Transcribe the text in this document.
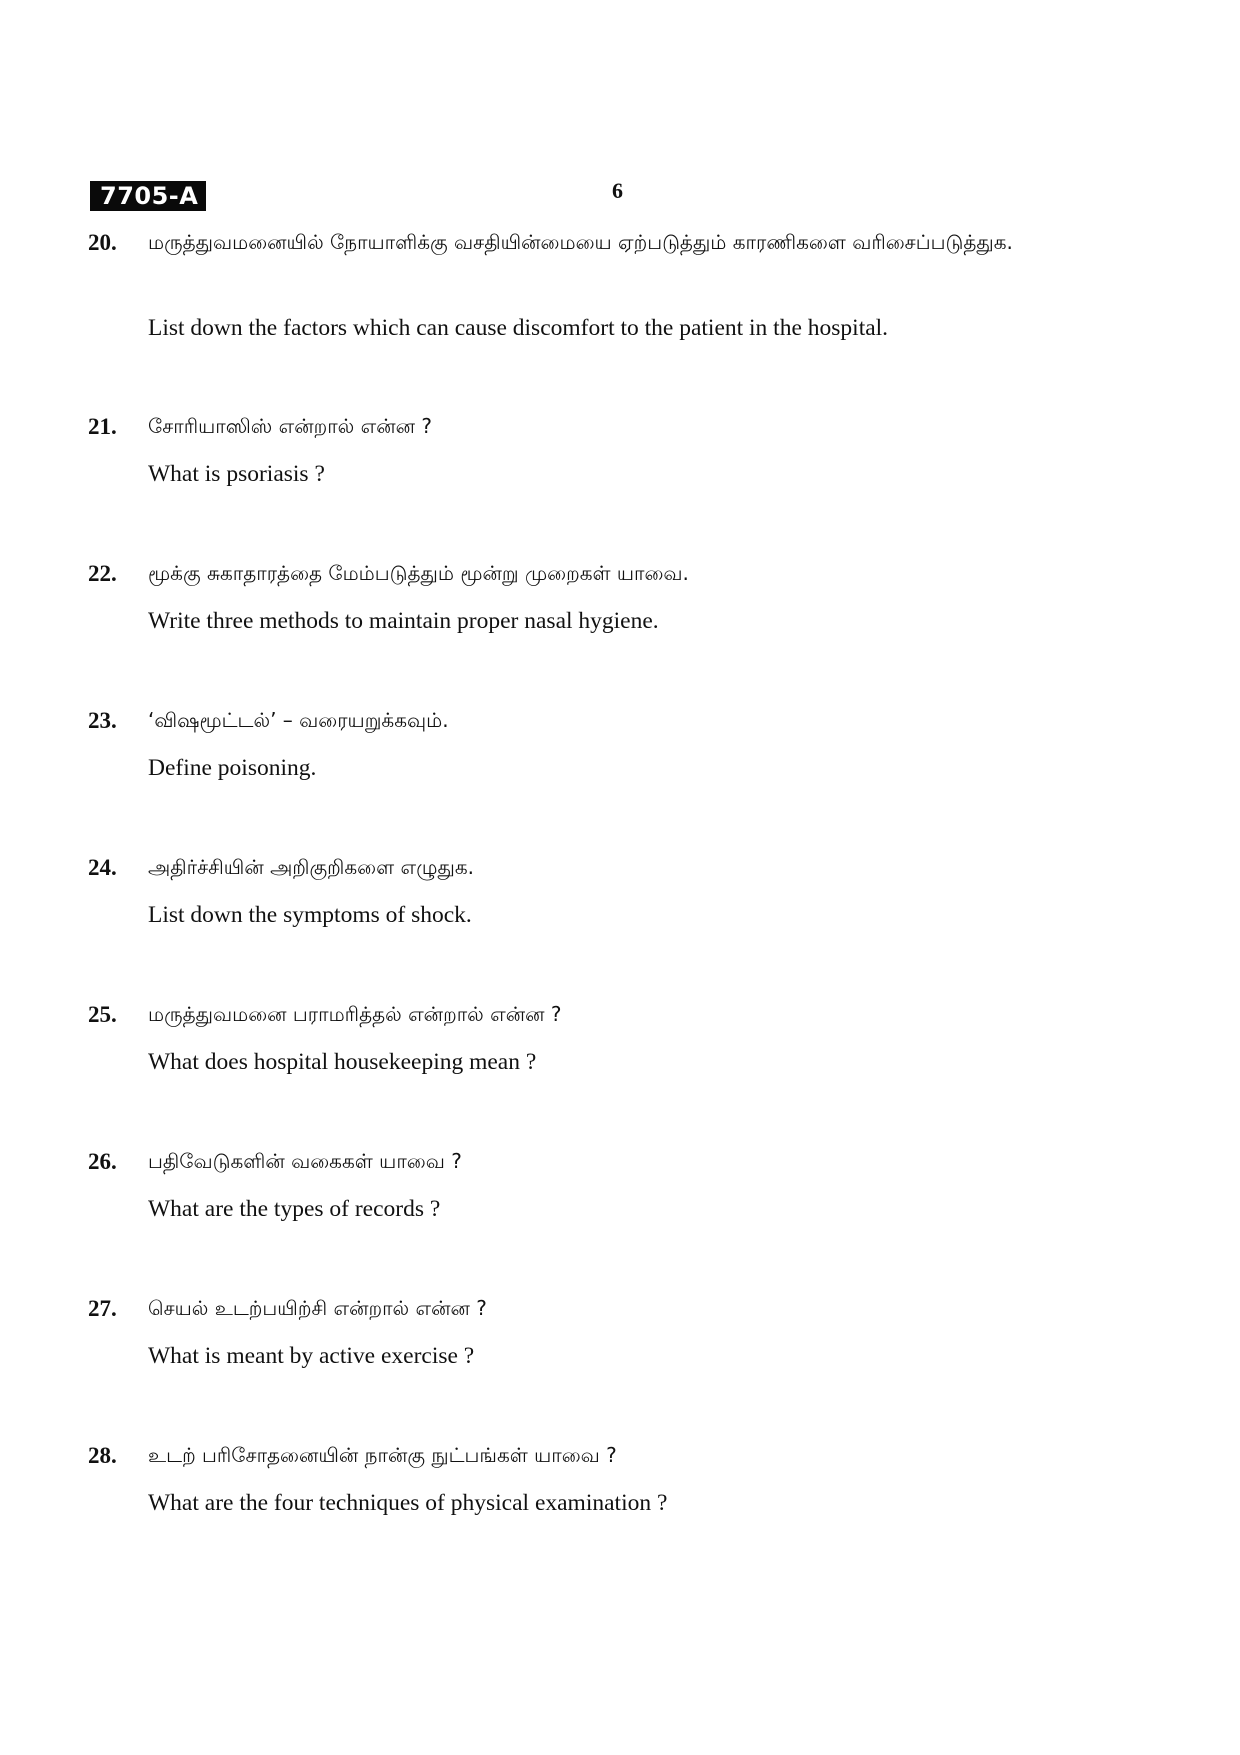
7705-A	6
20. மருத்துவமனையில் நோயாளிக்கு வசதியின்மையை ஏற்படுத்தும் காரணிகளை வரிசைப்படுத்துக.
List down the factors which can cause discomfort to the patient in the hospital.
21. சோரியாஸிஸ் என்றால் என்ன ?
What is psoriasis ?
22. மூக்கு சுகாதாரத்தை மேம்படுத்தும் மூன்று முறைகள் யாவை.
Write three methods to maintain proper nasal hygiene.
23. ‘விஷமூட்டல்’ – வரையறுக்கவும்.
Define poisoning.
24. அதிர்ச்சியின் அறிகுறிகளை எழுதுக.
List down the symptoms of shock.
25. மருத்துவமனை பராமரித்தல் என்றால் என்ன ?
What does hospital housekeeping mean ?
26. பதிவேடுகளின் வகைகள் யாவை ?
What are the types of records ?
27. செயல் உடற்பயிற்சி என்றால் என்ன ?
What is meant by active exercise ?
28. உடற் பரிசோதனையின் நான்கு நுட்பங்கள் யாவை ?
What are the four techniques of physical examination ?
